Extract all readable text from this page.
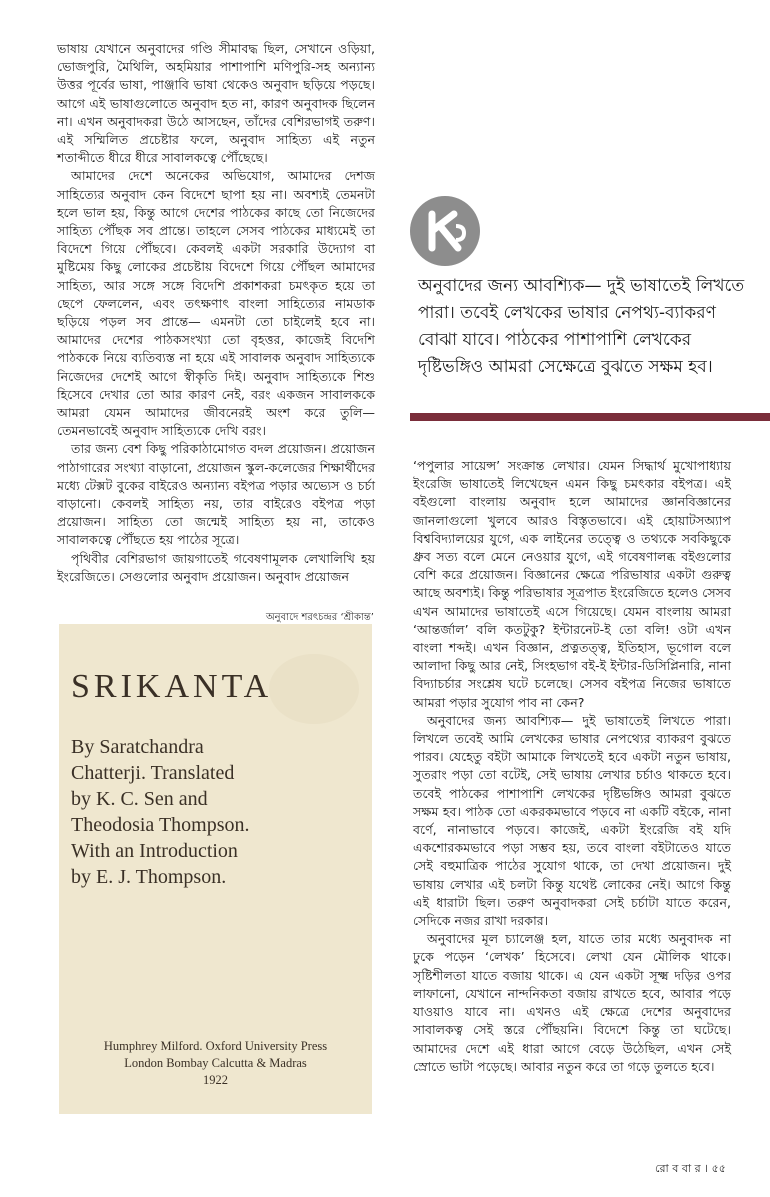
ভাষায় যেখানে অনুবাদের গণ্ডি সীমাবদ্ধ ছিল, সেখানে ওড়িয়া, ভোজপুরি, মৈথিলি, অহমিয়ার পাশাপাশি মণিপুরি-সহ অন্যান্য উত্তর পূর্বের ভাষা, পাঞ্জাবি ভাষা থেকেও অনুবাদ ছড়িয়ে পড়ছে। আগে এই ভাষাগুলোতে অনুবাদ হত না, কারণ অনুবাদক ছিলেন না। এখন অনুবাদকরা উঠে আসছেন, তাঁদের বেশিরভাগই তরুণ। এই সম্মিলিত প্রচেষ্টার ফলে, অনুবাদ সাহিত্য এই নতুন শতাব্দীতে ধীরে ধীরে সাবালকত্বে পৌঁছেছে।

আমাদের দেশে অনেকের অভিযোগ, আমাদের দেশজ সাহিত্যের অনুবাদ কেন বিদেশে ছাপা হয় না। অবশ্যই তেমনটা হলে ভাল হয়, কিন্তু আগে দেশের পাঠকের কাছে তো নিজেদের সাহিত্য পৌঁছক সব প্রান্তে। তাহলে সেসব পাঠকের মাধ্যমেই তা বিদেশে গিয়ে পৌঁছবে। কেবলই একটা সরকারি উদ্যোগ বা মুষ্টিমেয় কিছু লোকের প্রচেষ্টায় বিদেশে গিয়ে পৌঁছল আমাদের সাহিত্য, আর সঙ্গে সঙ্গে বিদেশি প্রকাশকরা চমৎকৃত হয়ে তা ছেপে ফেললেন, এবং তৎক্ষণাৎ বাংলা সাহিত্যের নামডাক ছড়িয়ে পড়ল সব প্রান্তে— এমনটা তো চাইলেই হবে না। আমাদের দেশের পাঠকসংখ্যা তো বৃহত্তর, কাজেই বিদেশি পাঠককে নিয়ে ব্যতিব্যস্ত না হয়ে এই সাবালক অনুবাদ সাহিত্যকে নিজেদের দেশেই আগে স্বীকৃতি দিই। অনুবাদ সাহিত্যকে শিশু হিসেবে দেখার তো আর কারণ নেই, বরং একজন সাবালককে আমরা যেমন আমাদের জীবনেরই অংশ করে তুলি— তেমনভাবেই অনুবাদ সাহিত্যকে দেখি বরং।

তার জন্য বেশ কিছু পরিকাঠামোগত বদল প্রয়োজন। প্রয়োজন পাঠাগারের সংখ্যা বাড়ানো, প্রয়োজন স্কুল-কলেজের শিক্ষার্থীদের মধ্যে টেক্সট বুকের বাইরেও অন্যান্য বইপত্র পড়ার অভ্যেস ও চর্চা বাড়ানো। কেবলই সাহিত্য নয়, তার বাইরেও বইপত্র পড়া প্রয়োজন। সাহিত্য তো জন্মেই সাহিত্য হয় না, তাকেও সাবালকত্বে পৌঁছতে হয় পাঠের সূত্রে।

পৃথিবীর বেশিরভাগ জায়গাতেই গবেষণামূলক লেখালিখি হয় ইংরেজিতে। সেগুলোর অনুবাদ প্রয়োজন। অনুবাদ প্রয়োজন

অনুবাদে শরৎচন্দ্রর ‘শ্রীকান্ত’
SRIKANTA
By Saratchandra
Chatterji. Translated
by K. C. Sen and
Theodosia Thompson.
With an Introduction
by E. J. Thompson.
Humphrey Milford. Oxford University Press
London Bombay Calcutta & Madras
1922
অনুবাদের জন্য আবশ্যিক— দুই ভাষাতেই লিখতে পারা। তবেই লেখকের ভাষার নেপথ্য-ব্যাকরণ বোঝা যাবে। পাঠকের পাশাপাশি লেখকের দৃষ্টিভঙ্গিও আমরা সেক্ষেত্রে বুঝতে সক্ষম হব।

‘পপুলার সায়েন্স’ সংক্রান্ত লেখার। যেমন সিদ্ধার্থ মুখোপাধ্যায় ইংরেজি ভাষাতেই লিখেছেন এমন কিছু চমৎকার বইপত্র। এই বইগুলো বাংলায় অনুবাদ হলে আমাদের জ্ঞানবিজ্ঞানের জানলাগুলো খুলবে আরও বিস্তৃতভাবে। এই হোয়াটসঅ্যাপ বিশ্ববিদ্যালয়ের যুগে, এক লাইনের তত্ত্বে ও তথ্যকে সবকিছুকে ধ্রুব সত্য বলে মেনে নেওয়ার যুগে, এই গবেষণালব্ধ বইগুলোর বেশি করে প্রয়োজন। বিজ্ঞানের ক্ষেত্রে পরিভাষার একটা গুরুত্ব আছে অবশ্যই। কিন্তু পরিভাষার সূত্রপাত ইংরেজিতে হলেও সেসব এখন আমাদের ভাষাতেই এসে গিয়েছে। যেমন বাংলায় আমরা ‘আন্তর্জাল’ বলি কতটুকু? ইন্টারনেট-ই তো বলি! ওটা এখন বাংলা শব্দই। এখন বিজ্ঞান, প্রত্নতত্ত্ব, ইতিহাস, ভূগোল বলে আলাদা কিছু আর নেই, সিংহভাগ বই-ই ইন্টার-ডিসিপ্লিনারি, নানা বিদ্যাচর্চার সংশ্লেষ ঘটে চলেছে। সেসব বইপত্র নিজের ভাষাতে আমরা পড়ার সুযোগ পাব না কেন?

অনুবাদের জন্য আবশ্যিক— দুই ভাষাতেই লিখতে পারা। লিখলে তবেই আমি লেখকের ভাষার নেপথ্যের ব্যাকরণ বুঝতে পারব। যেহেতু বইটা আমাকে লিখতেই হবে একটা নতুন ভাষায়, সুতরাং পড়া তো বটেই, সেই ভাষায় লেখার চর্চাও থাকতে হবে। তবেই পাঠকের পাশাপাশি লেখকের দৃষ্টিভঙ্গিও আমরা বুঝতে সক্ষম হব। পাঠক তো একরকমভাবে পড়বে না একটি বইকে, নানা বর্ণে, নানাভাবে পড়বে। কাজেই, একটা ইংরেজি বই যদি একশোরকমভাবে পড়া সম্ভব হয়, তবে বাংলা বইটাতেও যাতে সেই বহুমাত্রিক পাঠের সুযোগ থাকে, তা দেখা প্রয়োজন। দুই ভাষায় লেখার এই চলটা কিন্তু যথেষ্ট লোকের নেই। আগে কিন্তু এই ধারাটা ছিল। তরুণ অনুবাদকরা সেই চর্চাটা যাতে করেন, সেদিকে নজর রাখা দরকার।

অনুবাদের মূল চ্যালেঞ্জ হল, যাতে তার মধ্যে অনুবাদক না ঢুকে পড়েন ‘লেখক’ হিসেবে। লেখা যেন মৌলিক থাকে। সৃষ্টিশীলতা যাতে বজায় থাকে। এ যেন একটা সূক্ষ্ম দড়ির ওপর লাফানো, যেখানে নান্দনিকতা বজায় রাখতে হবে, আবার পড়ে যাওয়াও যাবে না। এখনও এই ক্ষেত্রে দেশের অনুবাদের সাবালকত্ব সেই স্তরে পৌঁছয়নি। বিদেশে কিন্তু তা ঘটেছে। আমাদের দেশে এই ধারা আগে বেড়ে উঠেছিল, এখন সেই স্রোতে ভাটা পড়েছে। আবার নতুন করে তা গড়ে তুলতে হবে।

রো ব বা র । ৫৫
